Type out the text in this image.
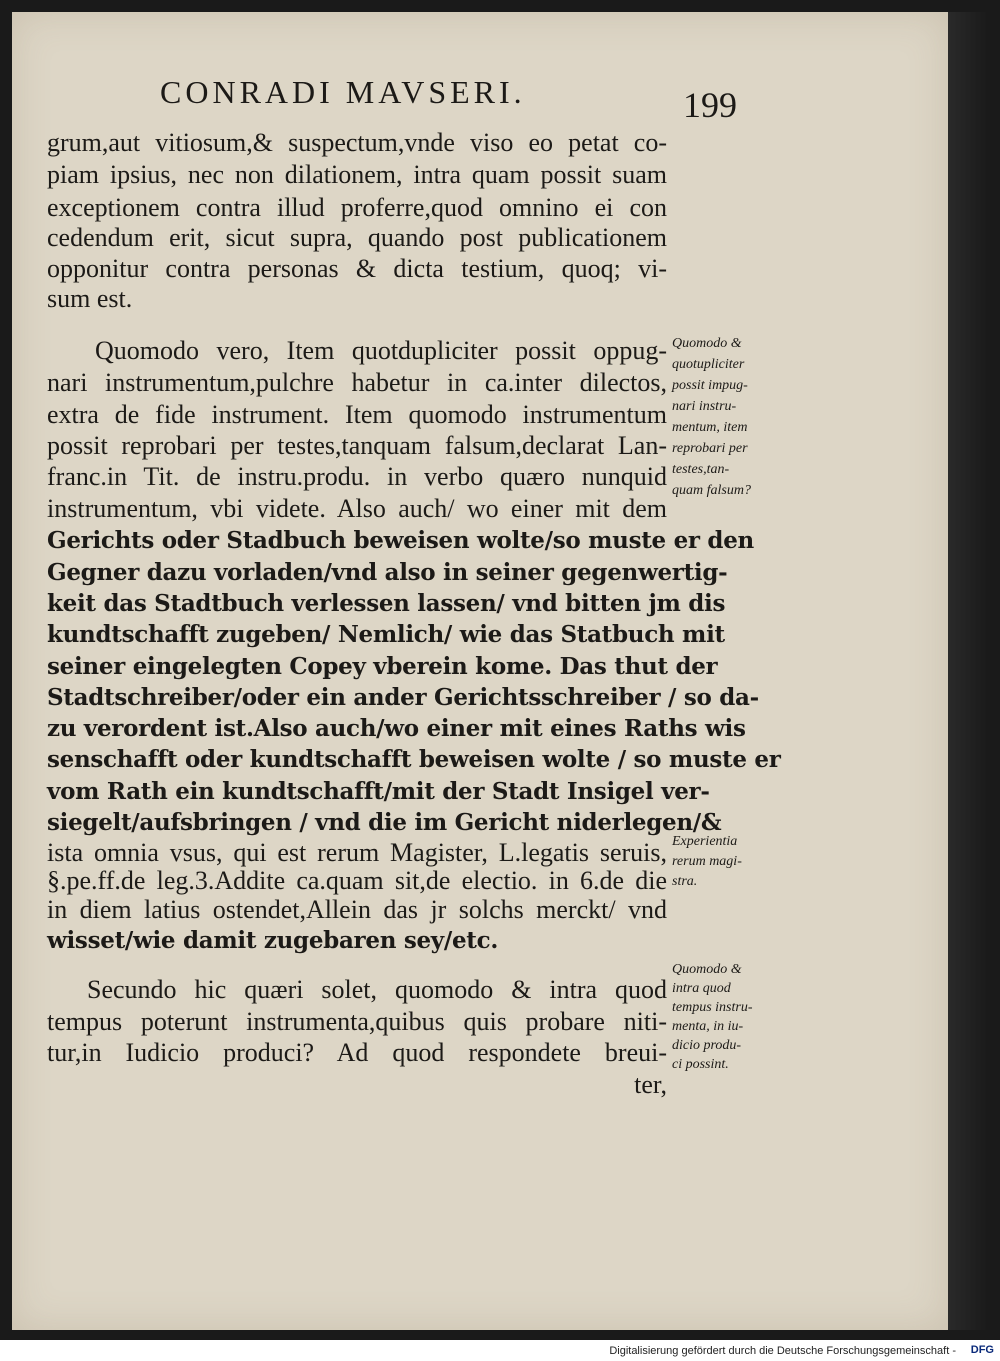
CONRADI MAVSERI.	199
grum,aut vitiosum,& suspectum,vnde viso eo petat co-
piam ipsius, nec non dilationem, intra quam possit suam
exceptionem contra illud proferre,quod omnino ei con
cedendum erit, sicut supra, quando post publicationem
opponitur contra personas & dicta testium, quoq; vi-
sum est.
Quomodo vero, Item quotdupliciter possit oppug-
nari instrumentum,pulchre habetur in ca.inter dilectos,
extra de fide instrument. Item quomodo instrumentum
possit reprobari per testes,tanquam falsum,declarat Lan-
franc.in Tit. de instru.produ. in verbo quæro nunquid
instrumentum, vbi videte. Also auch/ wo einer mit dem
Gerichts oder Stadbuch beweisen wolte/so muste er den
Gegner dazu vorladen/vnd also in seiner gegenwertig-
keit das Stadtbuch verlessen lassen/ vnd bitten jm dis
kundtschafft zugeben/ Nemlich/ wie das Statbuch mit
seiner eingelegten Copey vberein kome. Das thut der
Stadtschreiber/oder ein ander Gerichtsschreiber / so da-
zu verordent ist.Also auch/wo einer mit eines Raths wis
senschafft oder kundtschafft beweisen wolte / so muste er
vom Rath ein kundtschafft/mit der Stadt Insigel ver-
siegelt/aufsbringen / vnd die im Gericht niderlegen/&
ista omnia vsus, qui est rerum Magister, L.legatis seruis,
§.pe.ff.de leg.3.Addite ca.quam sit,de electio. in 6.de die
in diem latius ostendet,Allein das jr solchs merckt/ vnd
wisset/wie damit zugebaren sey/etc.
Secundo hic quæri solet, quomodo & intra quod
tempus poterunt instrumenta,quibus quis probare niti-
tur,in Iudicio produci? Ad quod respondete breui-
ter,
Quomodo &
quotupliciter
possit impug-
nari instru-
mentum, item
reprobari per
testes,tan-
quam falsum?
Experientia
rerum magi-
stra.
Quomodo &
intra quod
tempus instru-
menta, in iu-
dicio produ-
ci possint.
Digitalisierung gefördert durch die Deutsche Forschungsgemeinschaft - DFG
